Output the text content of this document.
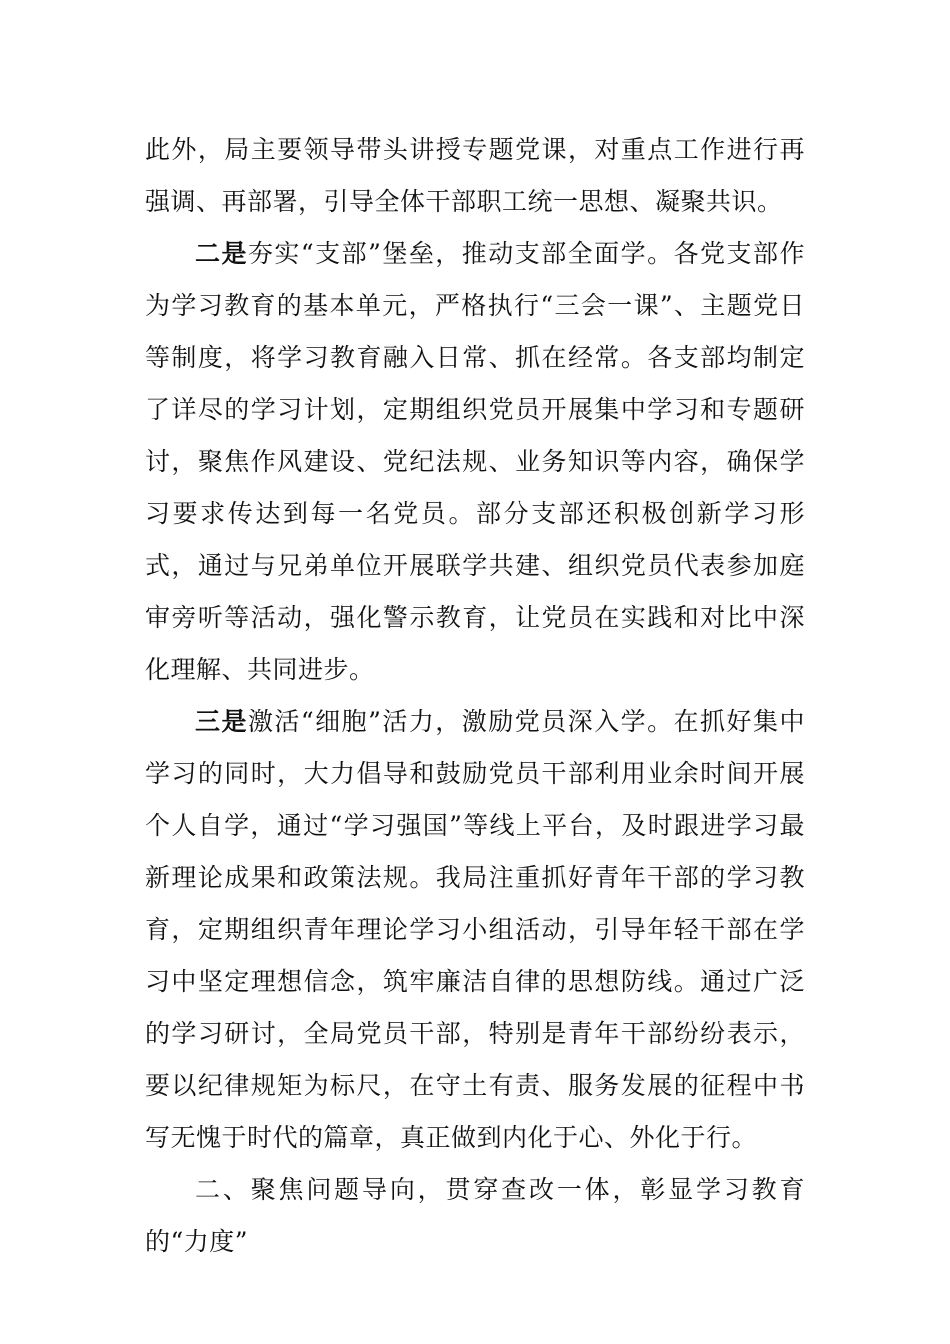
此外，局主要领导带头讲授专题党课，对重点工作进行再强调、再部署，引导全体干部职工统一思想、凝聚共识。

二是夯实“支部”堡垒，推动支部全面学。各党支部作为学习教育的基本单元，严格执行“三会一课”、主题党日等制度，将学习教育融入日常、抓在经常。各支部均制定了详尽的学习计划，定期组织党员开展集中学习和专题研讨，聚焦作风建设、党纪法规、业务知识等内容，确保学习要求传达到每一名党员。部分支部还积极创新学习形式，通过与兄弟单位开展联学共建、组织党员代表参加庭审旁听等活动，强化警示教育，让党员在实践和对比中深化理解、共同进步。

三是激活“细胞”活力，激励党员深入学。在抓好集中学习的同时，大力倡导和鼓励党员干部利用业余时间开展个人自学，通过“学习强国”等线上平台，及时跟进学习最新理论成果和政策法规。我局注重抓好青年干部的学习教育，定期组织青年理论学习小组活动，引导年轻干部在学习中坚定理想信念，筑牢廉洁自律的思想防线。通过广泛的学习研讨，全局党员干部，特别是青年干部纷纷表示，要以纪律规矩为标尺，在守土有责、服务发展的征程中书写无愧于时代的篇章，真正做到内化于心、外化于行。

二、聚焦问题导向，贯穿查改一体，彰显学习教育的“力度”
